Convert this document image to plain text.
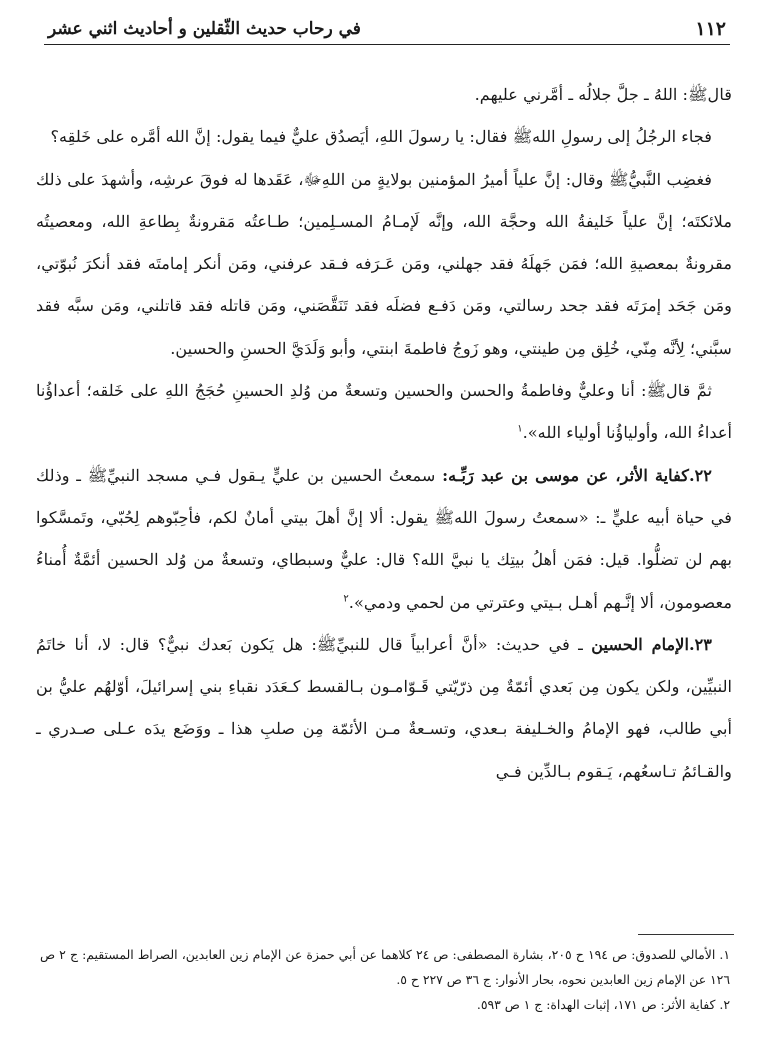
١١٢
في رحاب حديث الثّقلين و أحاديث اثني عشر

قالﷺ: اللهُ ـ جلَّ جلالُه ـ أمَّرني عليهم.

فجاء الرجُلُ إلى رسولِ اللهﷺ فقال: يا رسولَ اللهِ، أيَصدُق عليٌّ فيما يقول: إنَّ الله أمَّره على خَلقِه؟

فغضِب النَّبيُّﷺ وقال: إنَّ علياً أميرُ المؤمنين بولايةٍ من اللهِﷻ، عَقَدها له فوقَ عرشِه، وأشهدَ على ذلك ملائكتَه؛ إنَّ علياً خَليفةُ الله وحجَّة الله، وإنَّه لَإمـامُ المسـلِمين؛ طـاعتُه مَقرونةٌ بِطاعةِ الله، ومعصيتُه مقرونةٌ بمعصيةِ الله؛ فمَن جَهلَهُ فقد جهلني، ومَن عَـرَفه فـقد عرفني، ومَن أنكر إمامتَه فقد أنكرَ نُبوّتي، ومَن جَحَد إمرَتَه فقد جحد رسالتي، ومَن دَفـع فضلَه فقد تَنَقَّصَني، ومَن قاتله فقد قاتلني، ومَن سبَّه فقد سبَّني؛ لِأنَّه مِنّي، خُلِق مِن طينتي، وهو زَوجُ فاطمةَ ابنتي، وأبو وَلَدَيَّ الحسنِ والحسين.

ثمَّ قالﷺ: أنا وعليٌّ وفاطمةُ والحسن والحسين وتسعةٌ من وُلدِ الحسينِ حُجَجُ اللهِ على خَلقه؛ أعداؤُنا أعداءُ الله، وأولياؤُنا أولياء الله».$^١$

٢٢.كفاية الأثر، عن موسى بن عبد رَبِّـه: سمعتُ الحسين بن عليٍّ يـقول فـي مسجد النبيِّﷺ ـ وذلك في حياة أبيه عليٍّ ـ: «سمعتُ رسولَ اللهﷺ يقول: ألا إنَّ أهلَ بيتي أمانٌ لكم، فأحِبّوهم لِحُبّي، وتَمسَّكوا بهم لن تضلُّوا. قيل: فمَن أهلُ بيتِك يا نبيَّ الله؟ قال: عليٌّ وسبطاي، وتسعةٌ من وُلد الحسين أئمَّةٌ أُمناءُ معصومون، ألا إنَّـهم أهـل بـيتي وعترتي من لحمي ودمي».$^٢$

٢٣.الإمام الحسين ـ في حديث: «أنَّ أعرابياً قال للنبيِّﷺ: هل يَكون بَعدك نبيٌّ؟ قال: لا، أنا خاتَمُ النبيِّين، ولكن يكون مِن بَعدي أئمّةٌ مِن ذرّيّتي قَـوّامـون بـالقسط كـعَدَد نقباءِ بني إسرائيلَ، أوّلهُم عليُّ بن أبي طالب، فهو الإمامُ والخـليفة بـعدي، وتسـعةٌ مـن الأئمّة مِن صلبِ هذا ـ ووَضَع يدَه عـلى صـدري ـ والقـائمُ تـاسعُهم، يَـقوم بـالدِّين فـي

١. الأمالي للصدوق: ص ١٩٤ ح ٢٠٥، بشارة المصطفى: ص ٢٤ كلاهما عن أبي حمزة عن الإمام زين العابدين، الصراط المستقيم: ج ٢ ص ١٢٦ عن الإمام زين العابدين نحوه، بحار الأنوار: ج ٣٦ ص ٢٢٧ ح ٥.

٢. كفاية الأثر: ص ١٧١، إثبات الهداة: ج ١ ص ٥٩٣.
